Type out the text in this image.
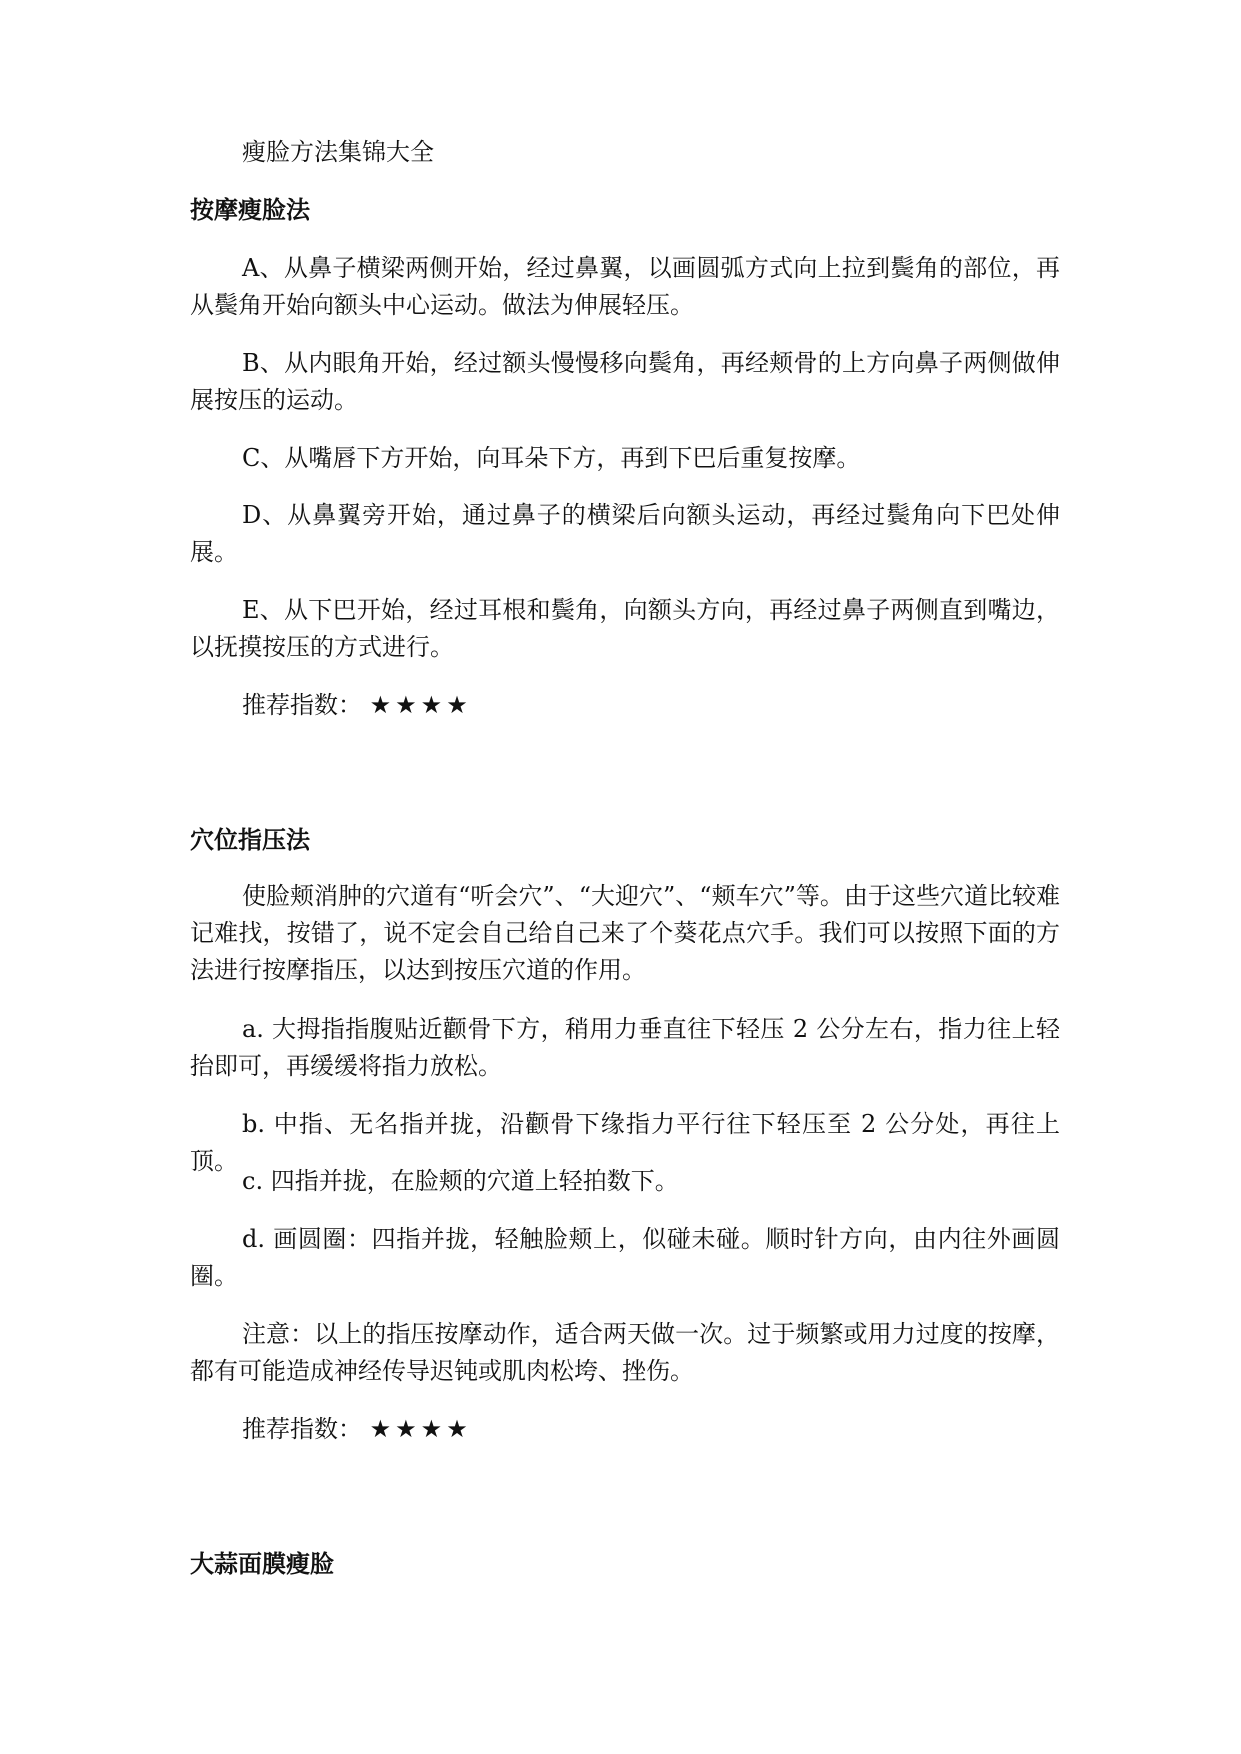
瘦脸方法集锦大全
按摩瘦脸法

A、从鼻子横梁两侧开始，经过鼻翼，以画圆弧方式向上拉到鬓角的部位，再从鬓角开始向额头中心运动。做法为伸展轻压。

B、从内眼角开始，经过额头慢慢移向鬓角，再经颊骨的上方向鼻子两侧做伸展按压的运动。

C、从嘴唇下方开始，向耳朵下方，再到下巴后重复按摩。

D、从鼻翼旁开始，通过鼻子的横梁后向额头运动，再经过鬓角向下巴处伸展。

E、从下巴开始，经过耳根和鬓角，向额头方向，再经过鼻子两侧直到嘴边，以抚摸按压的方式进行。

推荐指数： ★★★★
穴位指压法

使脸颊消肿的穴道有“听会穴”、“大迎穴”、“颊车穴”等。由于这些穴道比较难记难找，按错了，说不定会自己给自己来了个葵花点穴手。我们可以按照下面的方法进行按摩指压，以达到按压穴道的作用。

a. 大拇指指腹贴近颧骨下方，稍用力垂直往下轻压 2 公分左右，指力往上轻抬即可，再缓缓将指力放松。

b. 中指、无名指并拢，沿颧骨下缘指力平行往下轻压至 2 公分处，再往上顶。

c. 四指并拢，在脸颊的穴道上轻拍数下。

d. 画圆圈：四指并拢，轻触脸颊上，似碰未碰。顺时针方向，由内往外画圆圈。

注意：以上的指压按摩动作，适合两天做一次。过于频繁或用力过度的按摩，都有可能造成神经传导迟钝或肌肉松垮、挫伤。

推荐指数： ★★★★
大蒜面膜瘦脸
